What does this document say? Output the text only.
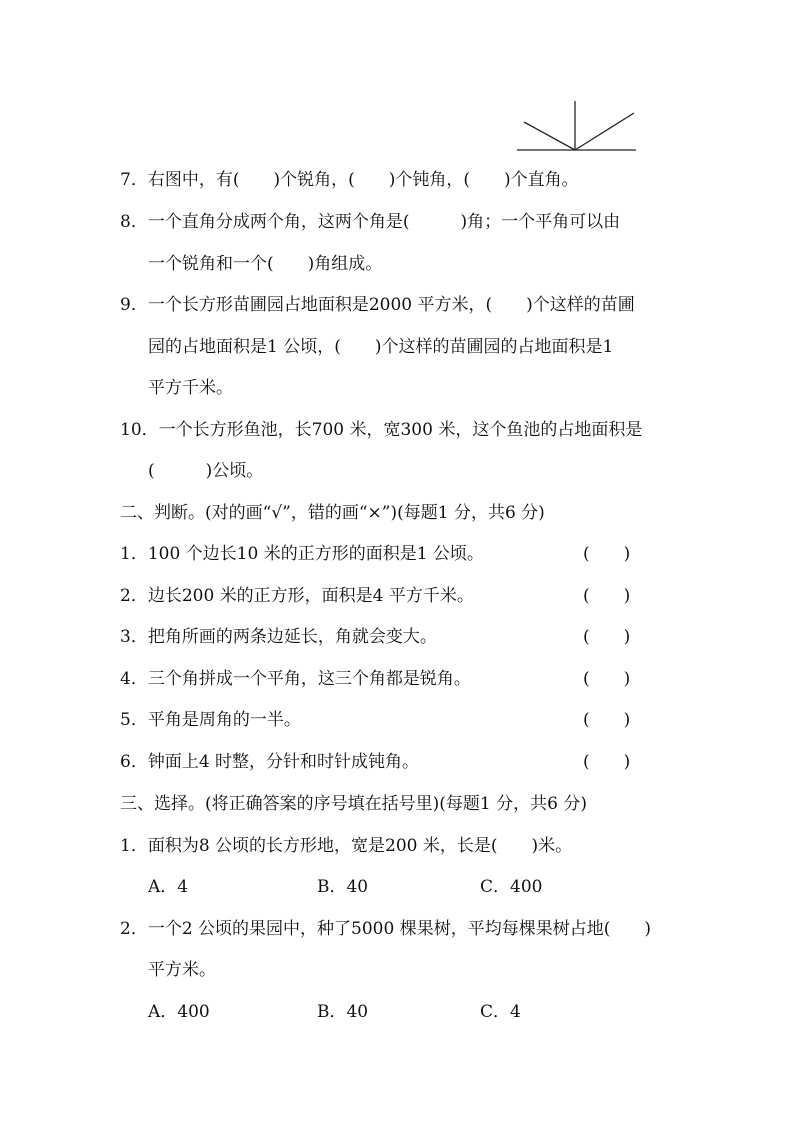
7．右图中，有(　　)个锐角，(　　)个钝角，(　　)个直角。
8．一个直角分成两个角，这两个角是(　　　)角；一个平角可以由
一个锐角和一个(　　)角组成。
9．一个长方形苗圃园占地面积是2000 平方米，(　　)个这样的苗圃
园的占地面积是1 公顷，(　　)个这样的苗圃园的占地面积是1
平方千米。
10．一个长方形鱼池，长700 米，宽300 米，这个鱼池的占地面积是
(　　　)公顷。
二、判断。(对的画“√”，错的画“×”)(每题1 分，共6 分)
1．100 个边长10 米的正方形的面积是1 公顷。	(　　)
2．边长200 米的正方形，面积是4 平方千米。	(　　)
3．把角所画的两条边延长，角就会变大。	(　　)
4．三个角拼成一个平角，这三个角都是锐角。	(　　)
5．平角是周角的一半。	(　　)
6．钟面上4 时整，分针和时针成钝角。	(　　)
三、选择。(将正确答案的序号填在括号里)(每题1 分，共6 分)
1．面积为8 公顷的长方形地，宽是200 米，长是(　　)米。
A．4	B．40	C．400
2．一个2 公顷的果园中，种了5000 棵果树，平均每棵果树占地(　　)
平方米。
A．400	B．40	C．4
